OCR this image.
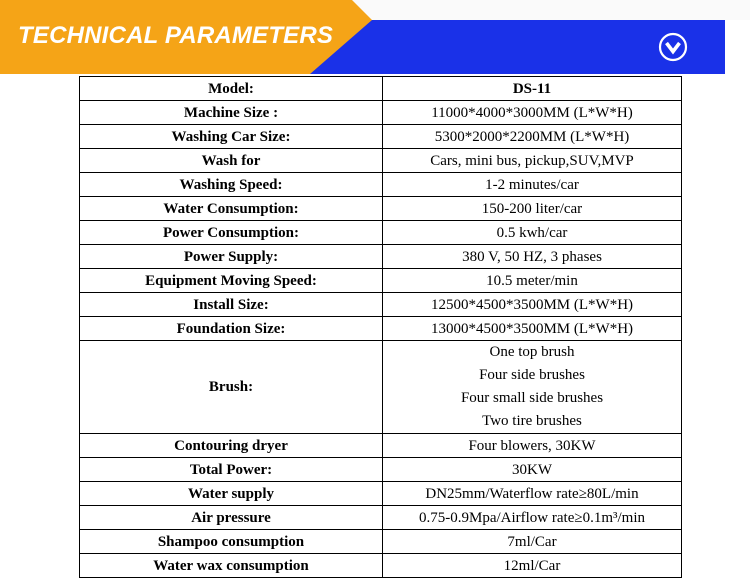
TECHNICAL PARAMETERS
Model:	DS-11
Machine Size :	11000*4000*3000MM (L*W*H)
Washing Car Size:	5300*2000*2200MM (L*W*H)
Wash for	Cars, mini bus, pickup,SUV,MVP
Washing Speed:	1-2 minutes/car
Water Consumption:	150-200 liter/car
Power Consumption:	0.5 kwh/car
Power Supply:	380 V, 50 HZ, 3 phases
Equipment Moving Speed:	10.5 meter/min
Install Size:	12500*4500*3500MM (L*W*H)
Foundation Size:	13000*4500*3500MM (L*W*H)
Brush:	One top brush
Four side brushes
Four small side brushes
Two tire brushes

Contouring dryer	Four blowers, 30KW
Total Power:	30KW
Water supply	DN25mm/Waterflow rate≥80L/min
Air pressure	0.75-0.9Mpa/Airflow rate≥0.1m³/min
Shampoo consumption	7ml/Car
Water wax consumption	12ml/Car
